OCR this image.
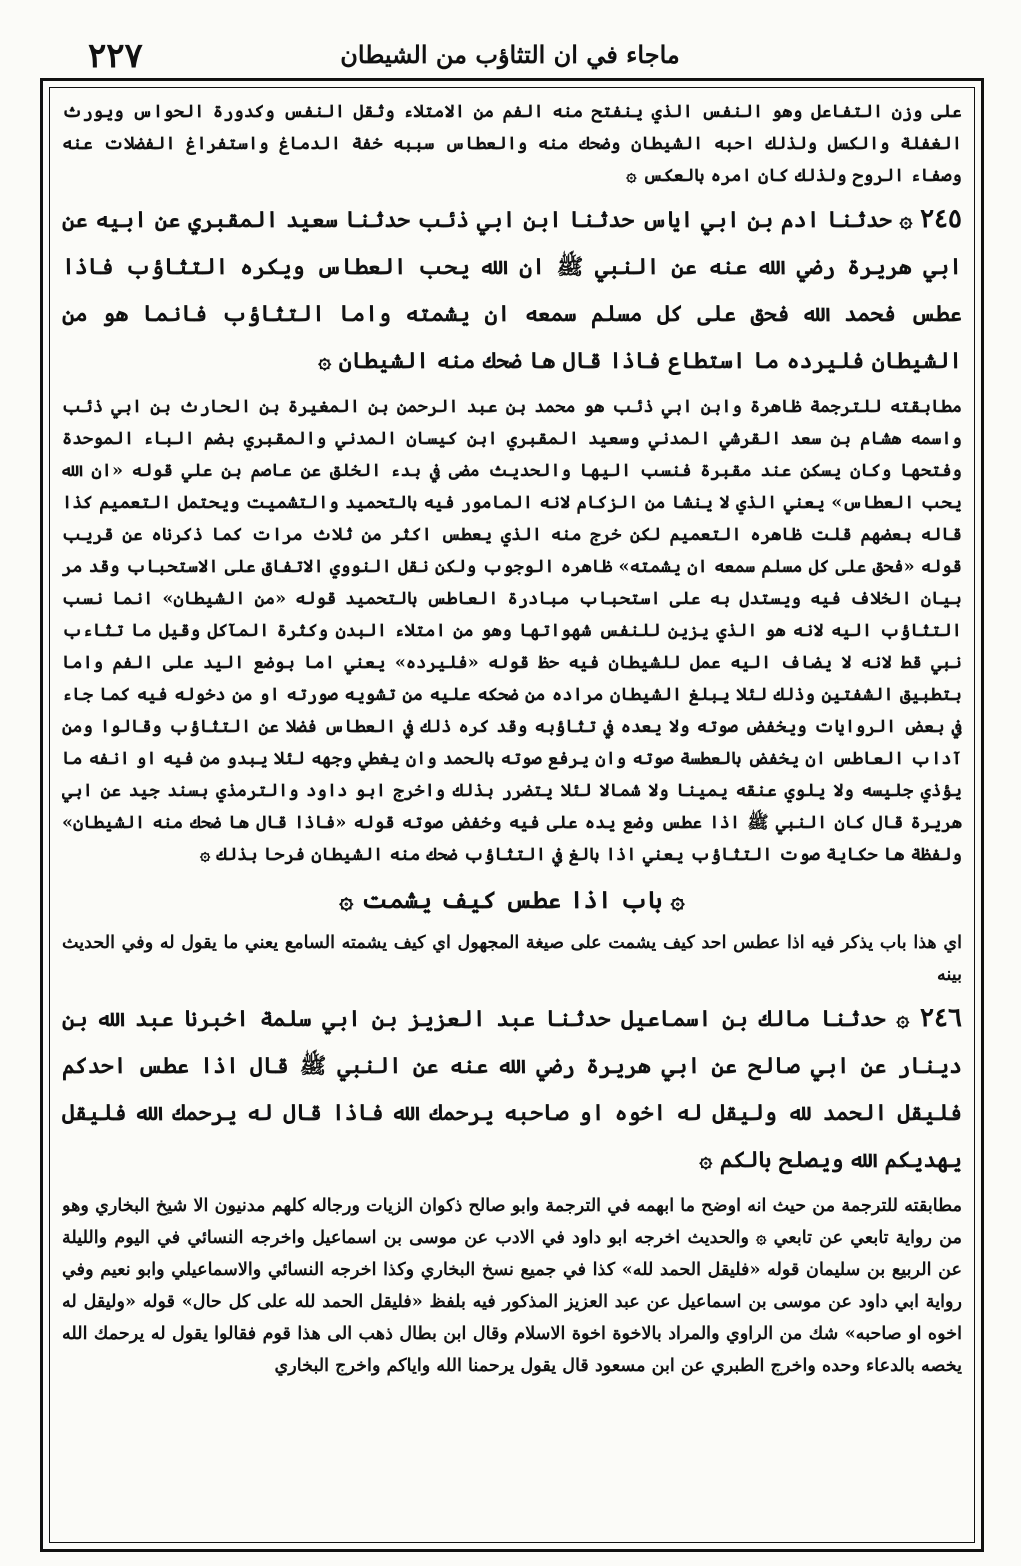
٢٢٧	ماجاء في ان التثاؤب من الشيطان

على وزن التفاعل وهو النفس الذي ينفتح منه الفم من الامتلاء وثقل النفس وكدورة الحواس ويورث الغفلة والكسل ولذلك احبه الشيطان وضحك منه والعطاس سببه خفة الدماغ واستفراغ الفضلات عنه وصفاء الروح ولذلك كان امره بالعكس ۞

٢٤٥ ۞ حدثنا ادم بن ابي اياس حدثنا ابن ابي ذئب حدثنا سعيد المقبري عن ابيه عن ابي هريرة رضي الله عنه عن النبي ﷺ ان الله يحب العطاس ويكره التثاؤب فاذا عطس فحمد الله فحق على كل مسلم سمعه ان يشمته واما التثاؤب فانما هو من الشيطان فليرده ما استطاع فاذا قال ها ضحك منه الشيطان ۞

مطابقته للترجمة ظاهرة وابن ابي ذئب هو محمد بن عبد الرحمن بن المغيرة بن الحارث بن ابي ذئب واسمه هشام بن سعد القرشي المدني وسعيد المقبري ابن كيسان المدني والمقبري بضم الباء الموحدة وفتحها وكان يسكن عند مقبرة فنسب اليها والحديث مضى في بدء الخلق عن عاصم بن علي قوله «ان الله يحب العطاس» يعني الذي لا ينشا من الزكام لانه المامور فيه بالتحميد والتشميت ويحتمل التعميم كذا قاله بعضهم قلت ظاهره التعميم لكن خرج منه الذي يعطس اكثر من ثلاث مرات كما ذكرناه عن قريب قوله «فحق على كل مسلم سمعه ان يشمته» ظاهره الوجوب ولكن نقل النووي الاتفاق على الاستحباب وقد مر بيان الخلاف فيه ويستدل به على استحباب مبادرة العاطس بالتحميد قوله «من الشيطان» انما نسب التثاؤب اليه لانه هو الذي يزين للنفس شهواتها وهو من امتلاء البدن وكثرة المآكل وقيل ما تثاءب نبي قط لانه لا يضاف اليه عمل للشيطان فيه حظ قوله «فليرده» يعني اما بوضع اليد على الفم واما بتطبيق الشفتين وذلك لئلا يبلغ الشيطان مراده من ضحكه عليه من تشويه صورته او من دخوله فيه كما جاء في بعض الروايات ويخفض صوته ولا يعده في تثاؤبه وقد كره ذلك في العطاس فضلا عن التثاؤب وقالوا ومن آداب العاطس ان يخفض بالعطسة صوته وان يرفع صوته بالحمد وان يغطي وجهه لئلا يبدو من فيه او انفه ما يؤذي جليسه ولا يلوي عنقه يمينا ولا شمالا لئلا يتضرر بذلك واخرج ابو داود والترمذي بسند جيد عن ابي هريرة قال كان النبي ﷺ اذا عطس وضع يده على فيه وخفض صوته قوله «فاذا قال ها ضحك منه الشيطان» ولفظة ها حكاية صوت التثاؤب يعني اذا بالغ في التثاؤب ضحك منه الشيطان فرحا بذلك ۞

۞ باب اذا عطس كيف يشمت ۞

اي هذا باب يذكر فيه اذا عطس احد كيف يشمت على صيغة المجهول اي كيف يشمته السامع يعني ما يقول له وفي الحديث بينه

٢٤٦ ۞ حدثنا مالك بن اسماعيل حدثنا عبد العزيز بن ابي سلمة اخبرنا عبد الله بن دينار عن ابي صالح عن ابي هريرة رضي الله عنه عن النبي ﷺ قال اذا عطس احدكم فليقل الحمد لله وليقل له اخوه او صاحبه يرحمك الله فاذا قال له يرحمك الله فليقل يهديكم الله ويصلح بالكم ۞

مطابقته للترجمة من حيث انه اوضح ما ابهمه في الترجمة وابو صالح ذكوان الزيات ورجاله كلهم مدنيون الا شيخ البخاري وهو من رواية تابعي عن تابعي ۞ والحديث اخرجه ابو داود في الادب عن موسى بن اسماعيل واخرجه النسائي في اليوم والليلة عن الربيع بن سليمان قوله «فليقل الحمد لله» كذا في جميع نسخ البخاري وكذا اخرجه النسائي والاسماعيلي وابو نعيم وفي رواية ابي داود عن موسى بن اسماعيل عن عبد العزيز المذكور فيه بلفظ «فليقل الحمد لله على كل حال» قوله «وليقل له اخوه او صاحبه» شك من الراوي والمراد بالاخوة اخوة الاسلام وقال ابن بطال ذهب الى هذا قوم فقالوا يقول له يرحمك الله يخصه بالدعاء وحده واخرج الطبري عن ابن مسعود قال يقول يرحمنا الله واياكم واخرج البخاري
